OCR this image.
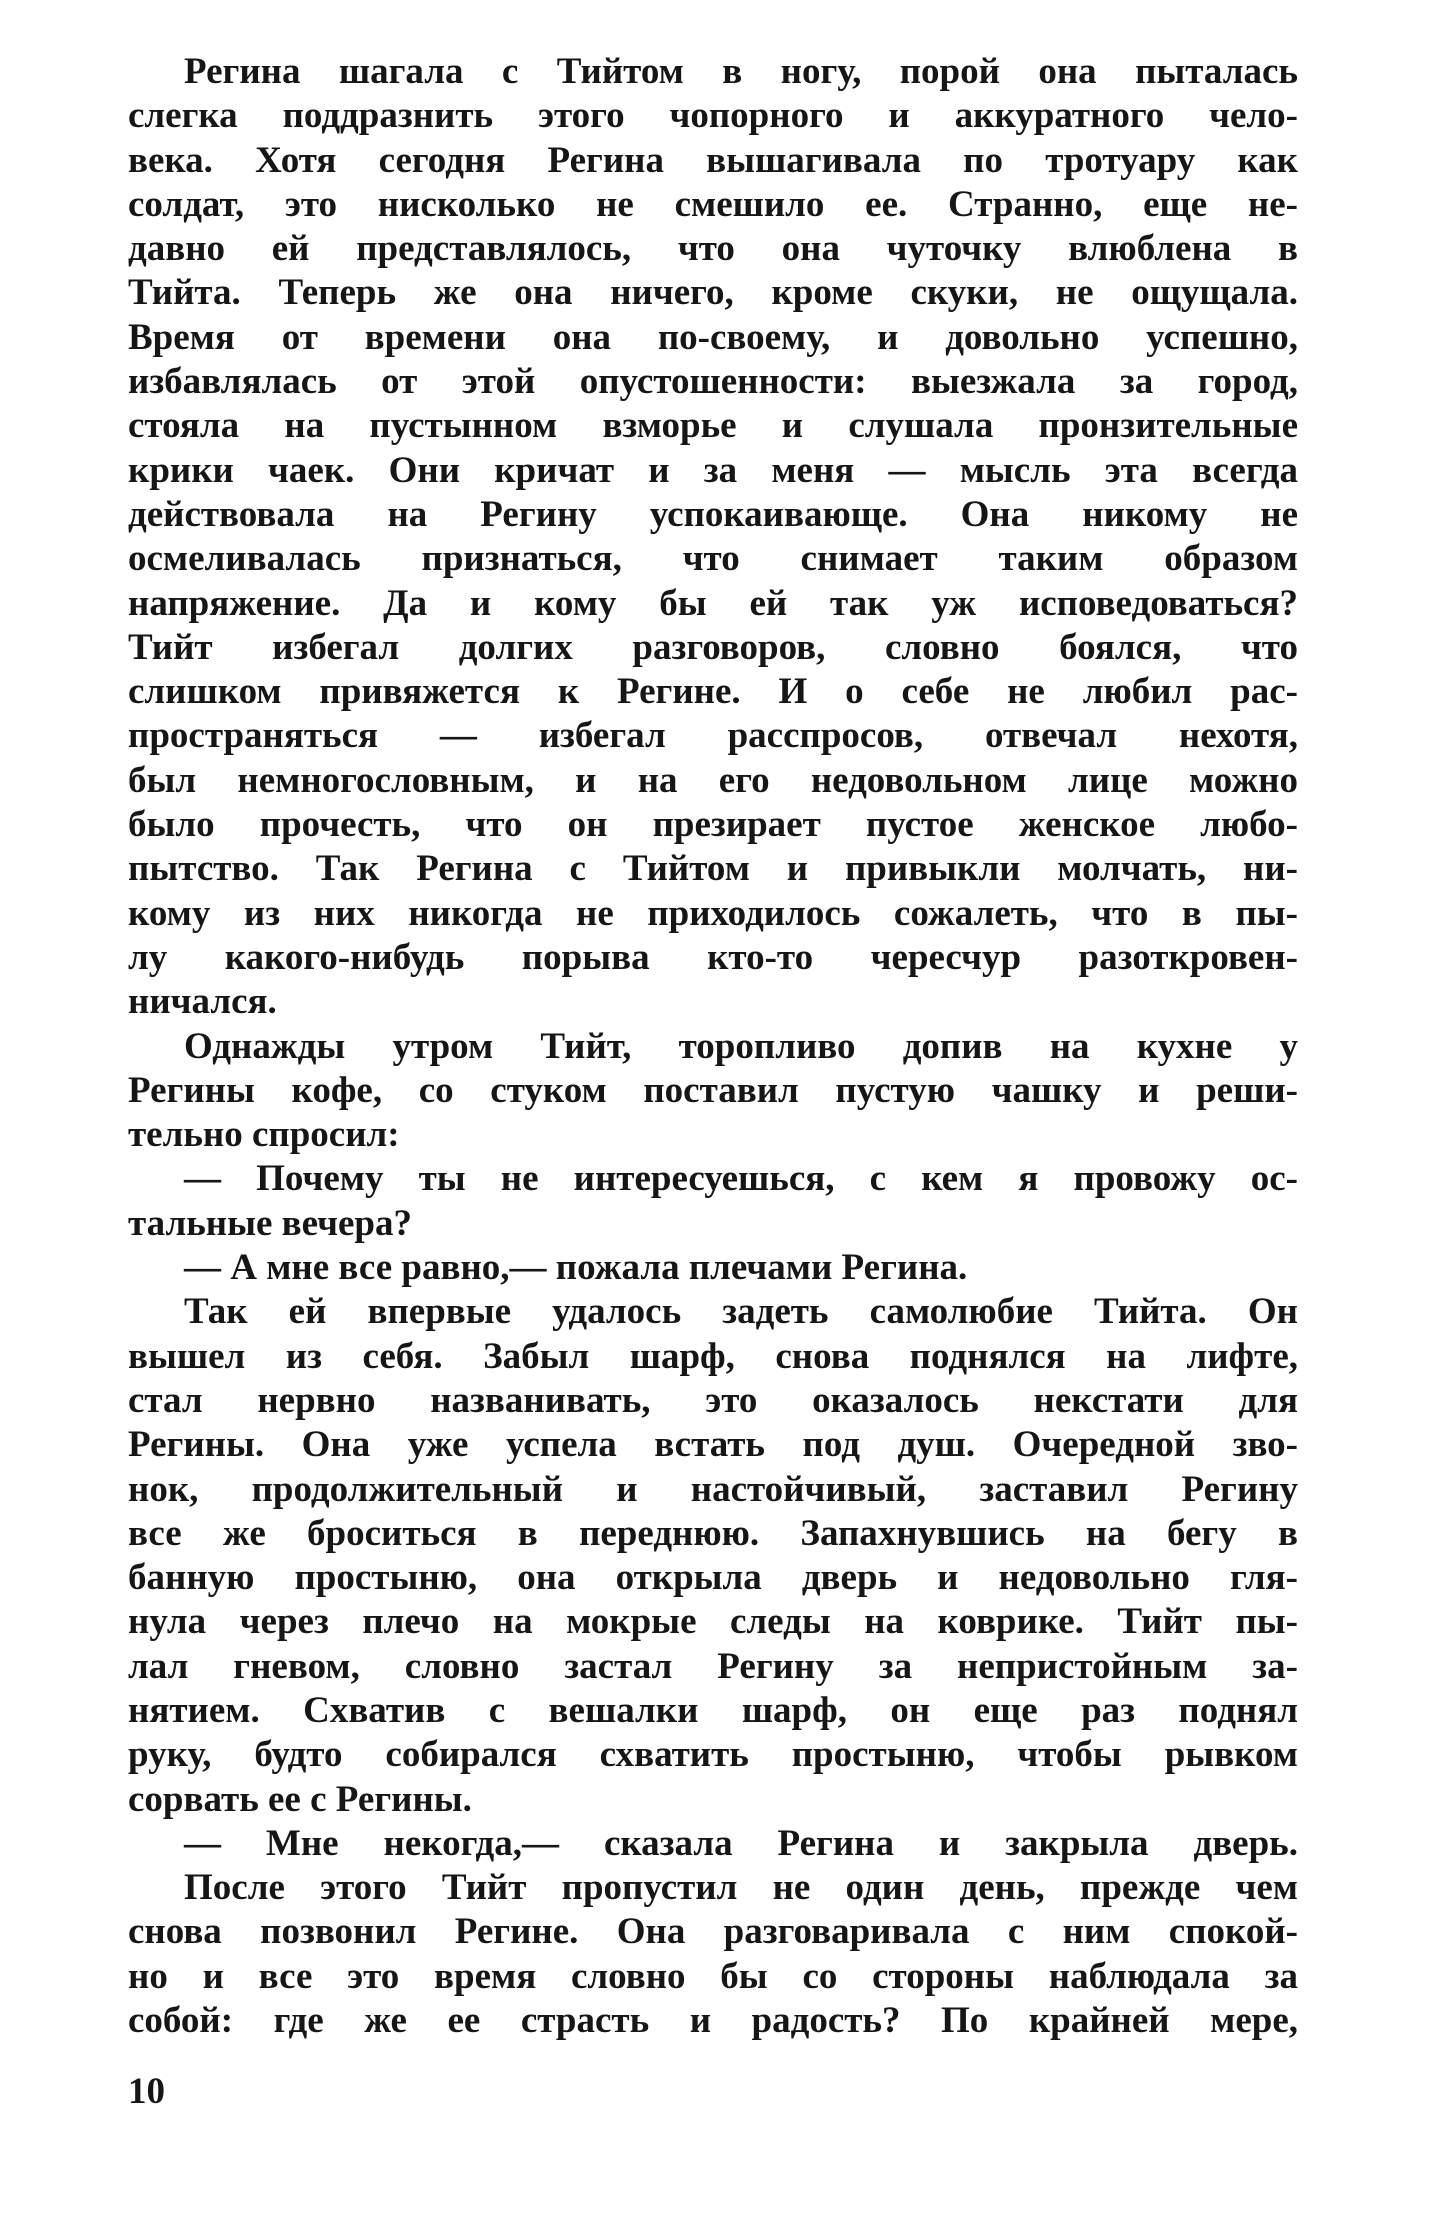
Регина шагала с Тийтом в ногу, порой она пыталась
слегка поддразнить этого чопорного и аккуратного чело-
века. Хотя сегодня Регина вышагивала по тротуару как
солдат, это нисколько не смешило ее. Странно, еще не-
давно ей представлялось, что она чуточку влюблена в
Тийта. Теперь же она ничего, кроме скуки, не ощущала.
Время от времени она по-своему, и довольно успешно,
избавлялась от этой опустошенности: выезжала за город,
стояла на пустынном взморье и слушала пронзительные
крики чаек. Они кричат и за меня — мысль эта всегда
действовала на Регину успокаивающе. Она никому не
осмеливалась признаться, что снимает таким образом
напряжение. Да и кому бы ей так уж исповедоваться?
Тийт избегал долгих разговоров, словно боялся, что
слишком привяжется к Регине. И о себе не любил рас-
пространяться — избегал расспросов, отвечал нехотя,
был немногословным, и на его недовольном лице можно
было прочесть, что он презирает пустое женское любо-
пытство. Так Регина с Тийтом и привыкли молчать, ни-
кому из них никогда не приходилось сожалеть, что в пы-
лу какого-нибудь порыва кто-то чересчур разоткровен-
ничался.
Однажды утром Тийт, торопливо допив на кухне у
Регины кофе, со стуком поставил пустую чашку и реши-
тельно спросил:
— Почему ты не интересуешься, с кем я провожу ос-
тальные вечера?
— А мне все равно,— пожала плечами Регина.
Так ей впервые удалось задеть самолюбие Тийта. Он
вышел из себя. Забыл шарф, снова поднялся на лифте,
стал нервно названивать, это оказалось некстати для
Регины. Она уже успела встать под душ. Очередной зво-
нок, продолжительный и настойчивый, заставил Регину
все же броситься в переднюю. Запахнувшись на бегу в
банную простыню, она открыла дверь и недовольно гля-
нула через плечо на мокрые следы на коврике. Тийт пы-
лал гневом, словно застал Регину за непристойным за-
нятием. Схватив с вешалки шарф, он еще раз поднял
руку, будто собирался схватить простыню, чтобы рывком
сорвать ее с Регины.
— Мне некогда,— сказала Регина и закрыла дверь.
После этого Тийт пропустил не один день, прежде чем
снова позвонил Регине. Она разговаривала с ним спокой-
но и все это время словно бы со стороны наблюдала за
собой: где же ее страсть и радость? По крайней мере,
10
